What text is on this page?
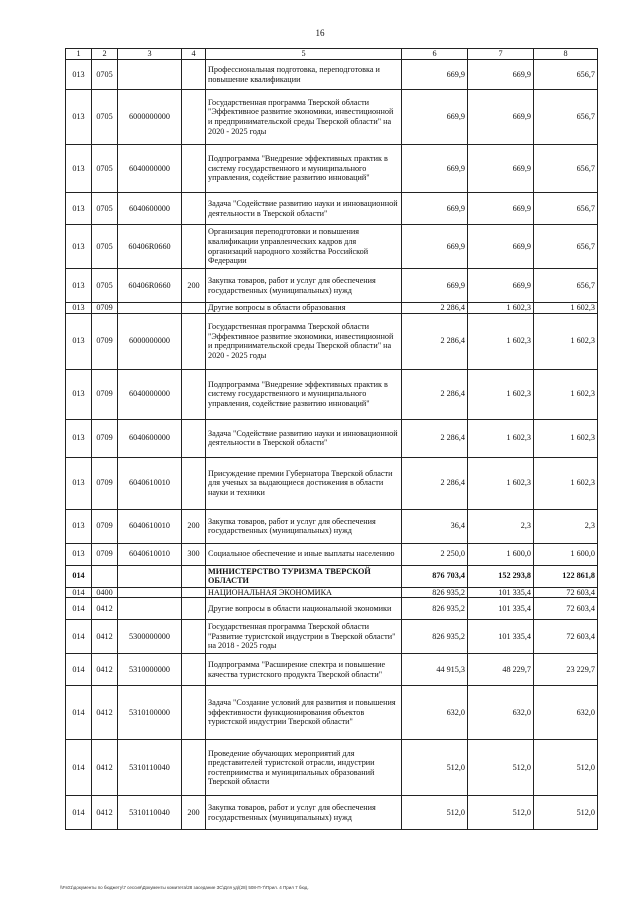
16
1	2	3	4	5	6	7	8
013	0705			Профессиональная подготовка, переподготовка и повышение квалификации	669,9	669,9	656,7
013	0705	6000000000		Государственная программа Тверской области "Эффективное развитие экономики, инвестиционной и предпринимательской среды Тверской области" на 2020 - 2025 годы	669,9	669,9	656,7
013	0705	6040000000		Подпрограмма "Внедрение эффективных практик в систему государственного и муниципального управления, содействие развитию инноваций"	669,9	669,9	656,7
013	0705	6040600000		Задача "Содействие развитию науки и инновационной деятельности в Тверской области"	669,9	669,9	656,7
013	0705	60406R0660		Организация переподготовки и повышения квалификации управленческих кадров для организаций народного хозяйства Российской Федерации	669,9	669,9	656,7
013	0705	60406R0660	200	Закупка товаров, работ и услуг для обеспечения государственных (муниципальных) нужд	669,9	669,9	656,7
013	0709			Другие вопросы в области образования	2 286,4	1 602,3	1 602,3
013	0709	6000000000		Государственная программа Тверской области "Эффективное развитие экономики, инвестиционной и предпринимательской среды Тверской области" на 2020 - 2025 годы	2 286,4	1 602,3	1 602,3
013	0709	6040000000		Подпрограмма "Внедрение эффективных практик в систему государственного и муниципального управления, содействие развитию инноваций"	2 286,4	1 602,3	1 602,3
013	0709	6040600000		Задача "Содействие развитию науки и инновационной деятельности в Тверской области"	2 286,4	1 602,3	1 602,3
013	0709	6040610010		Присуждение премии Губернатора Тверской области для ученых за выдающиеся достижения в области науки и техники	2 286,4	1 602,3	1 602,3
013	0709	6040610010	200	Закупка товаров, работ и услуг для обеспечения государственных (муниципальных) нужд	36,4	2,3	2,3
013	0709	6040610010	300	Социальное обеспечение и иные выплаты населению	2 250,0	1 600,0	1 600,0
014				МИНИСТЕРСТВО ТУРИЗМА ТВЕРСКОЙ ОБЛАСТИ	876 703,4	152 293,8	122 861,8
014	0400			НАЦИОНАЛЬНАЯ ЭКОНОМИКА	826 935,2	101 335,4	72 603,4
014	0412			Другие вопросы в области национальной экономики	826 935,2	101 335,4	72 603,4
014	0412	5300000000		Государственная программа Тверской области "Развитие туристской индустрии в Тверской области" на 2018 - 2025 годы	826 935,2	101 335,4	72 603,4
014	0412	5310000000		Подпрограмма "Расширение спектра и повышение качества туристского продукта Тверской области"	44 915,3	48 229,7	23 229,7
014	0412	5310100000		Задача "Создание условий для развития и повышения эффективности функционирования объектов туристской индустрии Тверской области"	632,0	632,0	632,0
014	0412	5310110040		Проведение обучающих мероприятий для представителей туристской отрасли, индустрии гостеприимства и муниципальных образований Тверской области	512,0	512,0	512,0
014	0412	5310110040	200	Закупка товаров, работ и услуг для обеспечения государственных (муниципальных) нужд	512,0	512,0	512,0
\\Fs01\документы по бюджету\7 сессия\Документы комитета\28 заседание ЗС\Для уд\(28) 508-П-7\Прил. 4 Прил 7 бюд.
